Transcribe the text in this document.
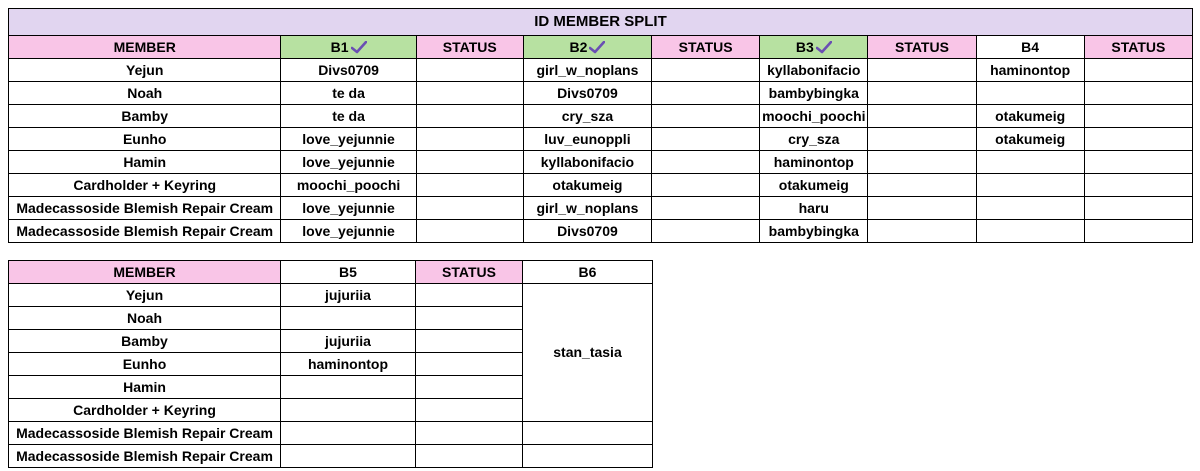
ID MEMBER SPLIT								
MEMBER	B1	STATUS	B2	STATUS	B3	STATUS	B4	STATUS
Yejun	Divs0709		girl_w_noplans		kyllabonifacio		haminontop	
Noah	te da		Divs0709		bambybingka			
Bamby	te da		cry_sza		moochi_poochi		otakumeig	
Eunho	love_yejunnie		luv_eunoppli		cry_sza		otakumeig	
Hamin	love_yejunnie		kyllabonifacio		haminontop			
Cardholder + Keyring	moochi_poochi		otakumeig		otakumeig			
Madecassoside Blemish Repair Cream	love_yejunnie		girl_w_noplans		haru			
Madecassoside Blemish Repair Cream	love_yejunnie		Divs0709		bambybingka			
MEMBER	B5	STATUS	B6
Yejun	jujuriia		stan_tasia
Noah			
Bamby	jujuriia		
Eunho	haminontop		
Hamin			
Cardholder + Keyring			
Madecassoside Blemish Repair Cream			
Madecassoside Blemish Repair Cream			
